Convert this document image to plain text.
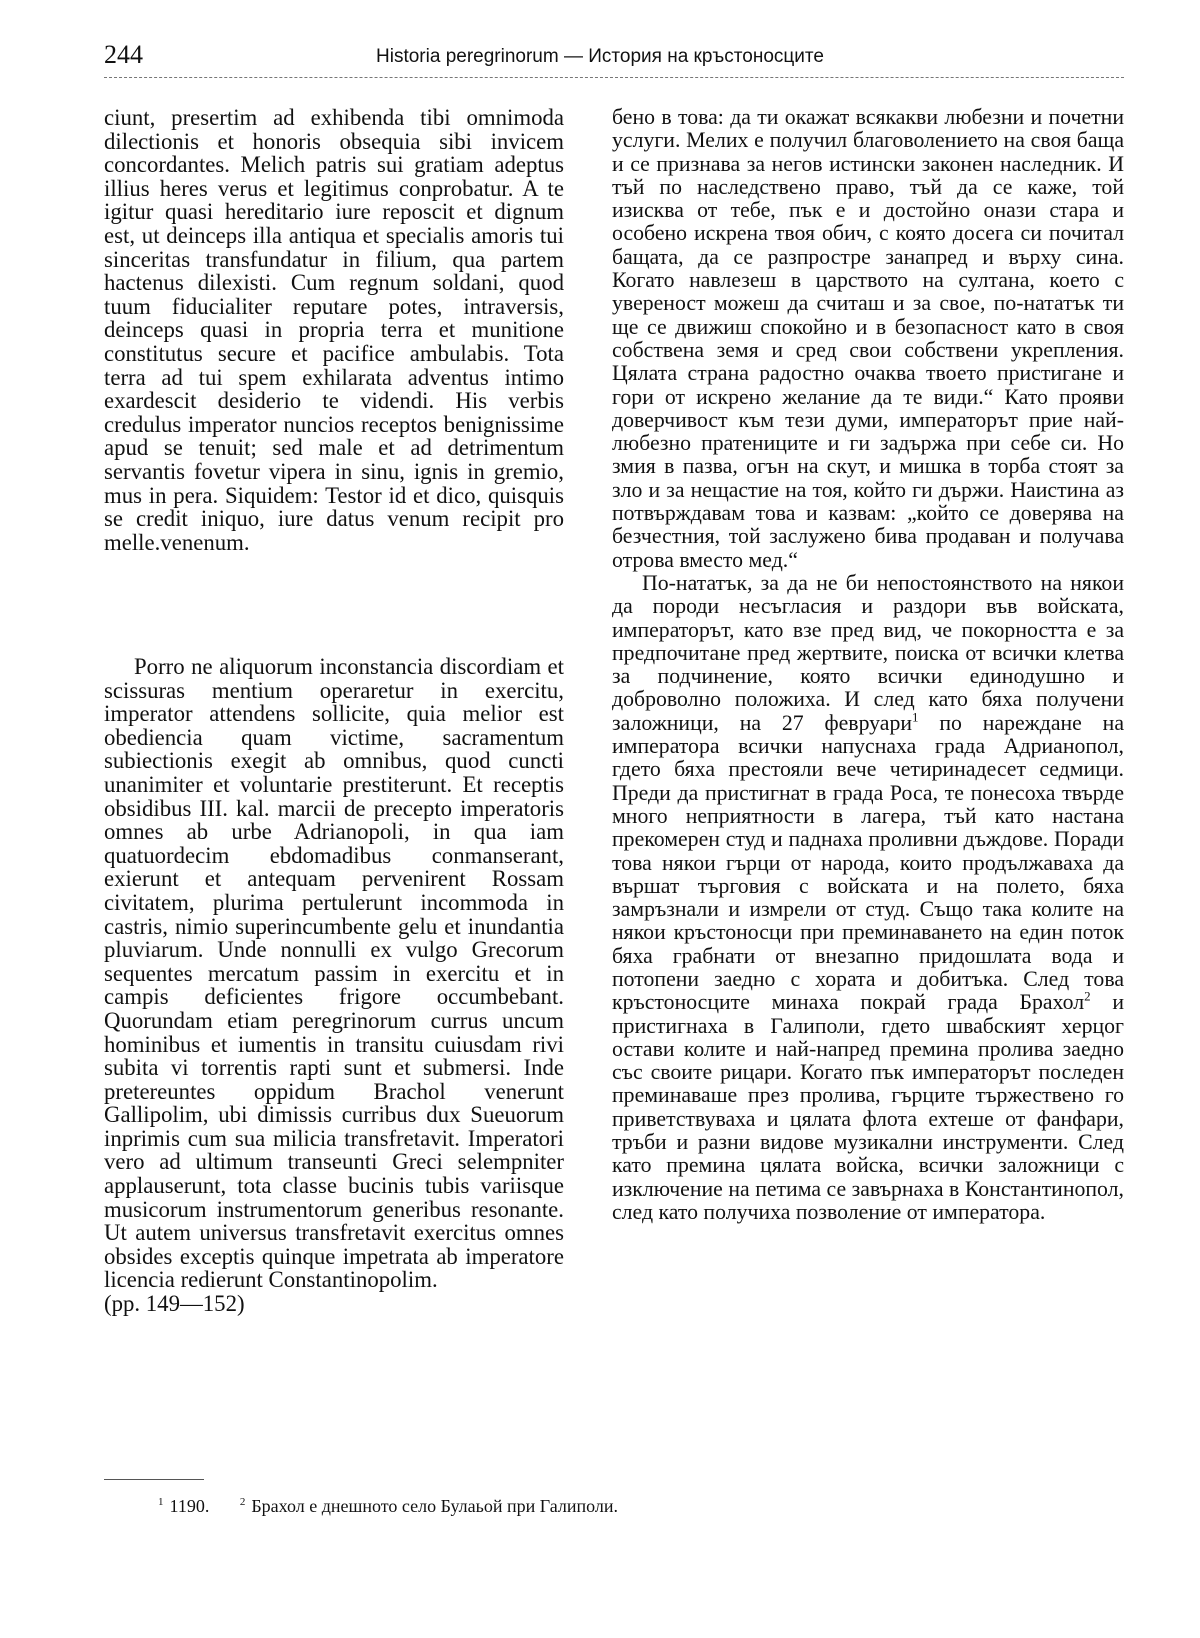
244	Historia peregrinorum — История на кръстоносците

ciunt, presertim ad exhibenda tibi omnimoda dilectionis et honoris obsequia sibi invicem concordantes. Melich patris sui gratiam adeptus illius heres verus et legitimus conprobatur. A te igitur quasi hereditario iure reposcit et dignum est, ut deinceps illa antiqua et specialis amoris tui sinceritas transfundatur in filium, qua partem hactenus dilexisti. Cum regnum soldani, quod tuum fiducialiter reputare potes, intraversis, deinceps quasi in propria terra et munitione constitutus secure et pacifice ambulabis. Tota terra ad tui spem exhilarata adventus intimo exardescit desiderio te videndi. His verbis credulus imperator nuncios receptos benignissime apud se tenuit; sed male et ad detrimentum servantis fovetur vipera in sinu, ignis in gremio, mus in pera. Siquidem: Testor id et dico, quisquis se credit iniquo, iure datus venum recipit pro melle.venenum.

Porro ne aliquorum inconstancia discordiam et scissuras mentium operaretur in exercitu, imperator attendens sollicite, quia melior est obediencia quam victime, sacramentum subiectionis exegit ab omnibus, quod cuncti unanimiter et voluntarie prestiterunt. Et receptis obsidibus III. kal. marcii de precepto imperatoris omnes ab urbe Adrianopoli, in qua iam quatuordecim ebdomadibus conmanserant, exierunt et antequam pervenirent Rossam civitatem, plurima pertulerunt incommoda in castris, nimio superincumbente gelu et inundantia pluviarum. Unde nonnulli ex vulgo Grecorum sequentes mercatum passim in exercitu et in campis deficientes frigore occumbebant. Quorundam etiam peregrinorum currus uncum hominibus et iumentis in transitu cuiusdam rivi subita vi torrentis rapti sunt et submersi. Inde pretereuntes oppidum Brachol venerunt Gallipolim, ubi dimissis curribus dux Sueuorum inprimis cum sua milicia transfretavit. Imperatori vero ad ultimum transeunti Greci selempniter applauserunt, tota classe bucinis tubis variisque musicorum instrumentorum generibus resonante. Ut autem universus transfretavit exercitus omnes obsides exceptis quinque impetrata ab imperatore licencia redierunt Constantinopolim.

(pp. 149—152)

бено в това: да ти окажат всякакви любезни и почетни услуги. Мелих е получил благоволението на своя баща и се признава за негов истински законен наследник. И тъй по наследствено право, тъй да се каже, той изисква от тебе, пък е и достойно онази стара и особено искрена твоя обич, с която досега си почитал бащата, да се разпростре занапред и върху сина. Когато навлезеш в царството на султана, което с увереност можеш да считаш и за свое, по-нататък ти ще се движиш спокойно и в безопасност като в своя собствена земя и сред свои собствени укрепления. Цялата страна радостно очаква твоето пристигане и гори от искрено желание да те види.“ Като прояви доверчивост към тези думи, императорът прие най-любезно пратениците и ги задържа при себе си. Но змия в пазва, огън на скут, и мишка в торба стоят за зло и за нещастие на тоя, който ги държи. Наистина аз потвърждавам това и казвам: „който се доверява на безчестния, той заслужено бива продаван и получава отрова вместо мед.“

По-нататък, за да не би непостоянството на някои да породи несъгласия и раздори във войската, императорът, като взе пред вид, че покорността е за предпочитане пред жертвите, поиска от всички клетва за подчинение, която всички единодушно и доброволно положиха. И след като бяха получени заложници, на 27 февруари$^1$ по нареждане на императора всички напуснаха града Адрианопол, гдето бяха престояли вече четиринадесет седмици. Преди да пристигнат в града Роса, те понесоха твърде много неприятности в лагера, тъй като настана прекомерен студ и паднаха проливни дъждове. Поради това някои гърци от народа, които продължаваха да вършат търговия с войската и на полето, бяха замръзнали и измрели от студ. Също така колите на някои кръстоносци при преминаването на един поток бяха грабнати от внезапно придошлата вода и потопени заедно с хората и добитъка. След това кръстоносците минаха покрай града Брахол$^2$ и пристигнаха в Галиполи, гдето швабският херцог остави колите и най-напред премина пролива заедно със своите рицари. Когато пък императорът последен преминаваше през пролива, гърците тържествено го приветствуваха и цялата флота ехтеше от фанфари, тръби и разни видове музикални инструменти. След като премина цялата войска, всички заложници с изключение на петима се завърнаха в Константинопол, след като получиха позволение от императора.

$^1$ 1190.	$^2$ Брахол е днешното село Булаьой при Галиполи.
